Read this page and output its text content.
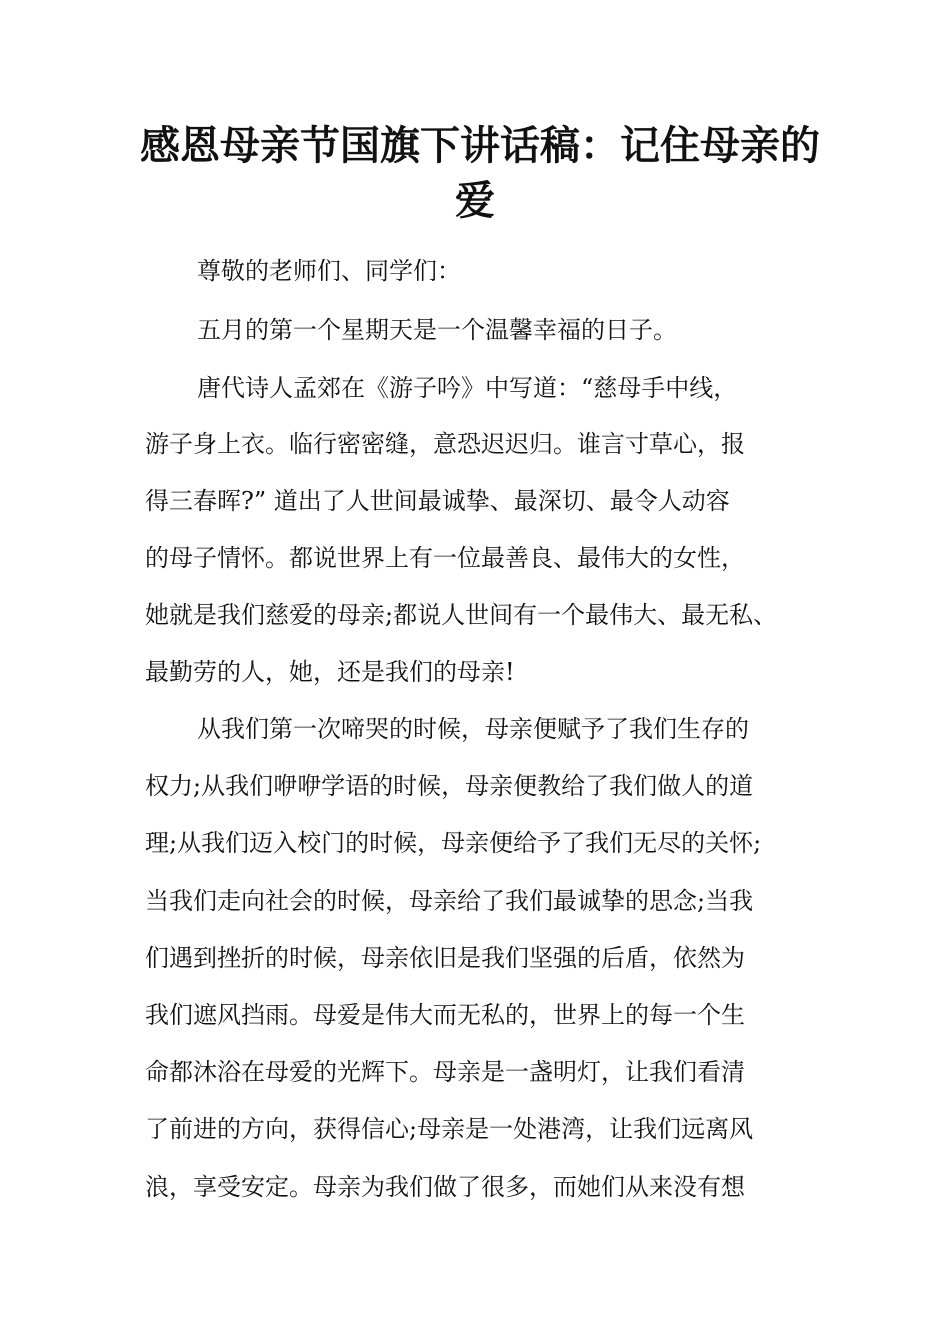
感恩母亲节国旗下讲话稿：记住母亲的
爱
尊敬的老师们、同学们：
五月的第一个星期天是一个温馨幸福的日子。
唐代诗人孟郊在《游子吟》中写道：“慈母手中线，
游子身上衣。临行密密缝，意恐迟迟归。谁言寸草心，报
得三春晖?” 道出了人世间最诚挚、最深切、最令人动容
的母子情怀。都说世界上有一位最善良、最伟大的女性，
她就是我们慈爱的母亲;都说人世间有一个最伟大、最无私、
最勤劳的人，她，还是我们的母亲!
从我们第一次啼哭的时候，母亲便赋予了我们生存的
权力;从我们咿咿学语的时候，母亲便教给了我们做人的道
理;从我们迈入校门的时候，母亲便给予了我们无尽的关怀;
当我们走向社会的时候，母亲给了我们最诚挚的思念;当我
们遇到挫折的时候，母亲依旧是我们坚强的后盾，依然为
我们遮风挡雨。母爱是伟大而无私的，世界上的每一个生
命都沐浴在母爱的光辉下。母亲是一盏明灯，让我们看清
了前进的方向，获得信心;母亲是一处港湾，让我们远离风
浪，享受安定。母亲为我们做了很多，而她们从来没有想
